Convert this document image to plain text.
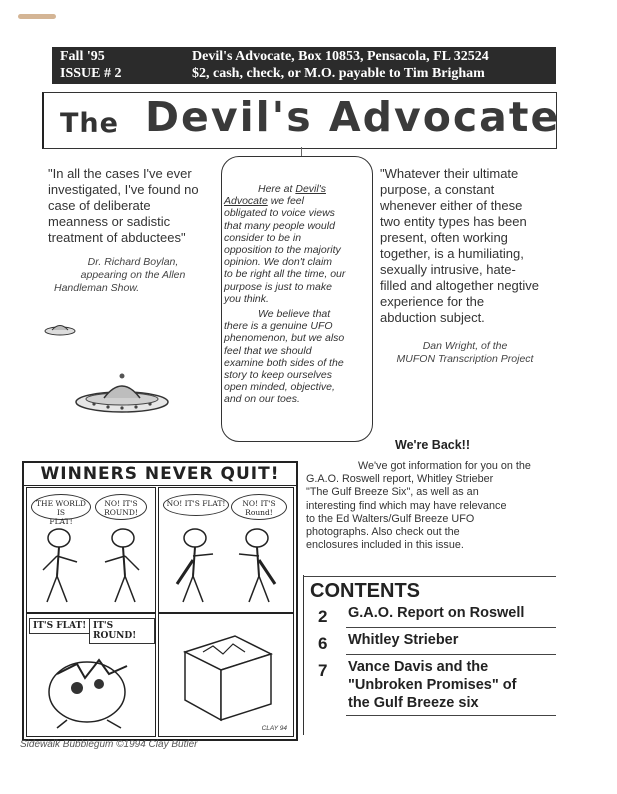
Fall '95
ISSUE # 2
Devil's Advocate, Box 10853, Pensacola, FL 32524
$2, cash, check, or M.O. payable to Tim Brigham
The Devil's Advocate
"In all the cases I've ever
investigated, I've found no
case of deliberate
meanness or sadistic
treatment of abductees"
Dr. Richard Boylan,
appearing on the Allen
Handleman Show.
Here at Devil's
Advocate we feel
obligated to voice views
that many people would
consider to be in
opposition to the majority
opinion. We don't claim
to be right all the time, our
purpose is just to make
you think.
We believe that
there is a genuine UFO
phenomenon, but we also
feel that we should
examine both sides of the
story to keep ourselves
open minded, objective,
and on our toes.
"Whatever their ultimate
purpose, a constant
whenever either of these
two entity types has been
present, often working
together, is a humiliating,
sexually intrusive, hate-
filled and altogether negtive
experience for the
abduction subject.
Dan Wright, of the
MUFON Transcription Project
We're Back!!
We've got information for you on the
G.A.O. Roswell report, Whitley Strieber
"The Gulf Breeze Six", as well as an
interesting find which may have relevance
to the Ed Walters/Gulf Breeze UFO
photographs. Also check out the
enclosures included in this issue.
CONTENTS
2 G.A.O. Report on Roswell
6 Whitley Strieber
7 Vance Davis and the
"Unbroken Promises" of
the Gulf Breeze six
WINNERS NEVER QUIT!
THE WORLD IS
FLAT!
NO! IT'S
ROUND!
NO! IT'S FLAT!	NO! IT'S
Round!
IT'S FLAT! IT'S ROUND!
CLAY 94
Sidewalk Bubblegum ©1994 Clay Butler
